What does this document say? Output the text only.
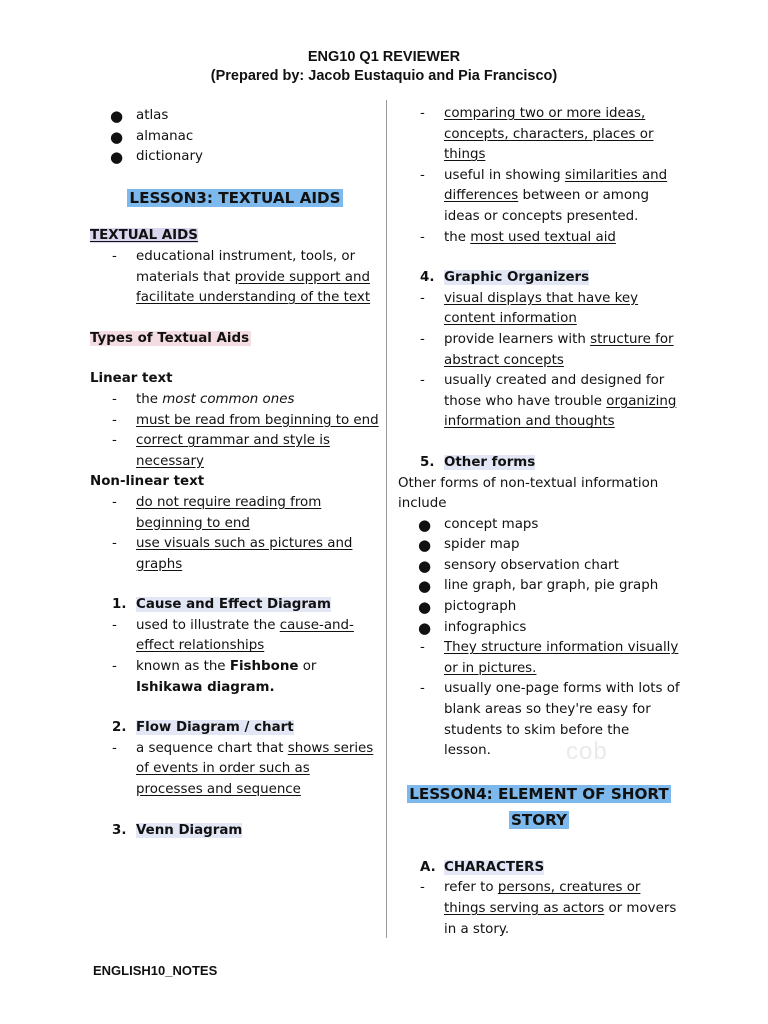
ENG10 Q1 REVIEWER
(Prepared by: Jacob Eustaquio and Pia Francisco)

● atlas

● almanac

● dictionary

LESSON3: TEXTUAL AIDS

TEXTUAL AIDS

- educational instrument, tools, or materials that provide support and facilitate understanding of the text

Types of Textual Aids

Linear text

- the most common ones

- must be read from beginning to end

- correct grammar and style is necessary

Non-linear text

- do not require reading from beginning to end

- use visuals such as pictures and graphs

1. Cause and Effect Diagram

- used to illustrate the cause-and-effect relationships

- known as the Fishbone or Ishikawa diagram.

2. Flow Diagram / chart

- a sequence chart that shows series of events in order such as processes and sequence

3. Venn Diagram

- comparing two or more ideas, concepts, characters, places or things

- useful in showing similarities and differences between or among ideas or concepts presented.

- the most used textual aid

4. Graphic Organizers

- visual displays that have key content information

- provide learners with structure for abstract concepts

- usually created and designed for those who have trouble organizing information and thoughts

5. Other forms

Other forms of non-textual information include

● concept maps

● spider map

● sensory observation chart

● line graph, bar graph, pie graph

● pictograph

● infographics

- They structure information visually or in pictures.

- usually one-page forms with lots of blank areas so they're easy for students to skim before the lesson.

LESSON4: ELEMENT OF SHORT
STORY

A. CHARACTERS

- refer to persons, creatures or things serving as actors or movers in a story.

cob
ENGLISH10_NOTES
